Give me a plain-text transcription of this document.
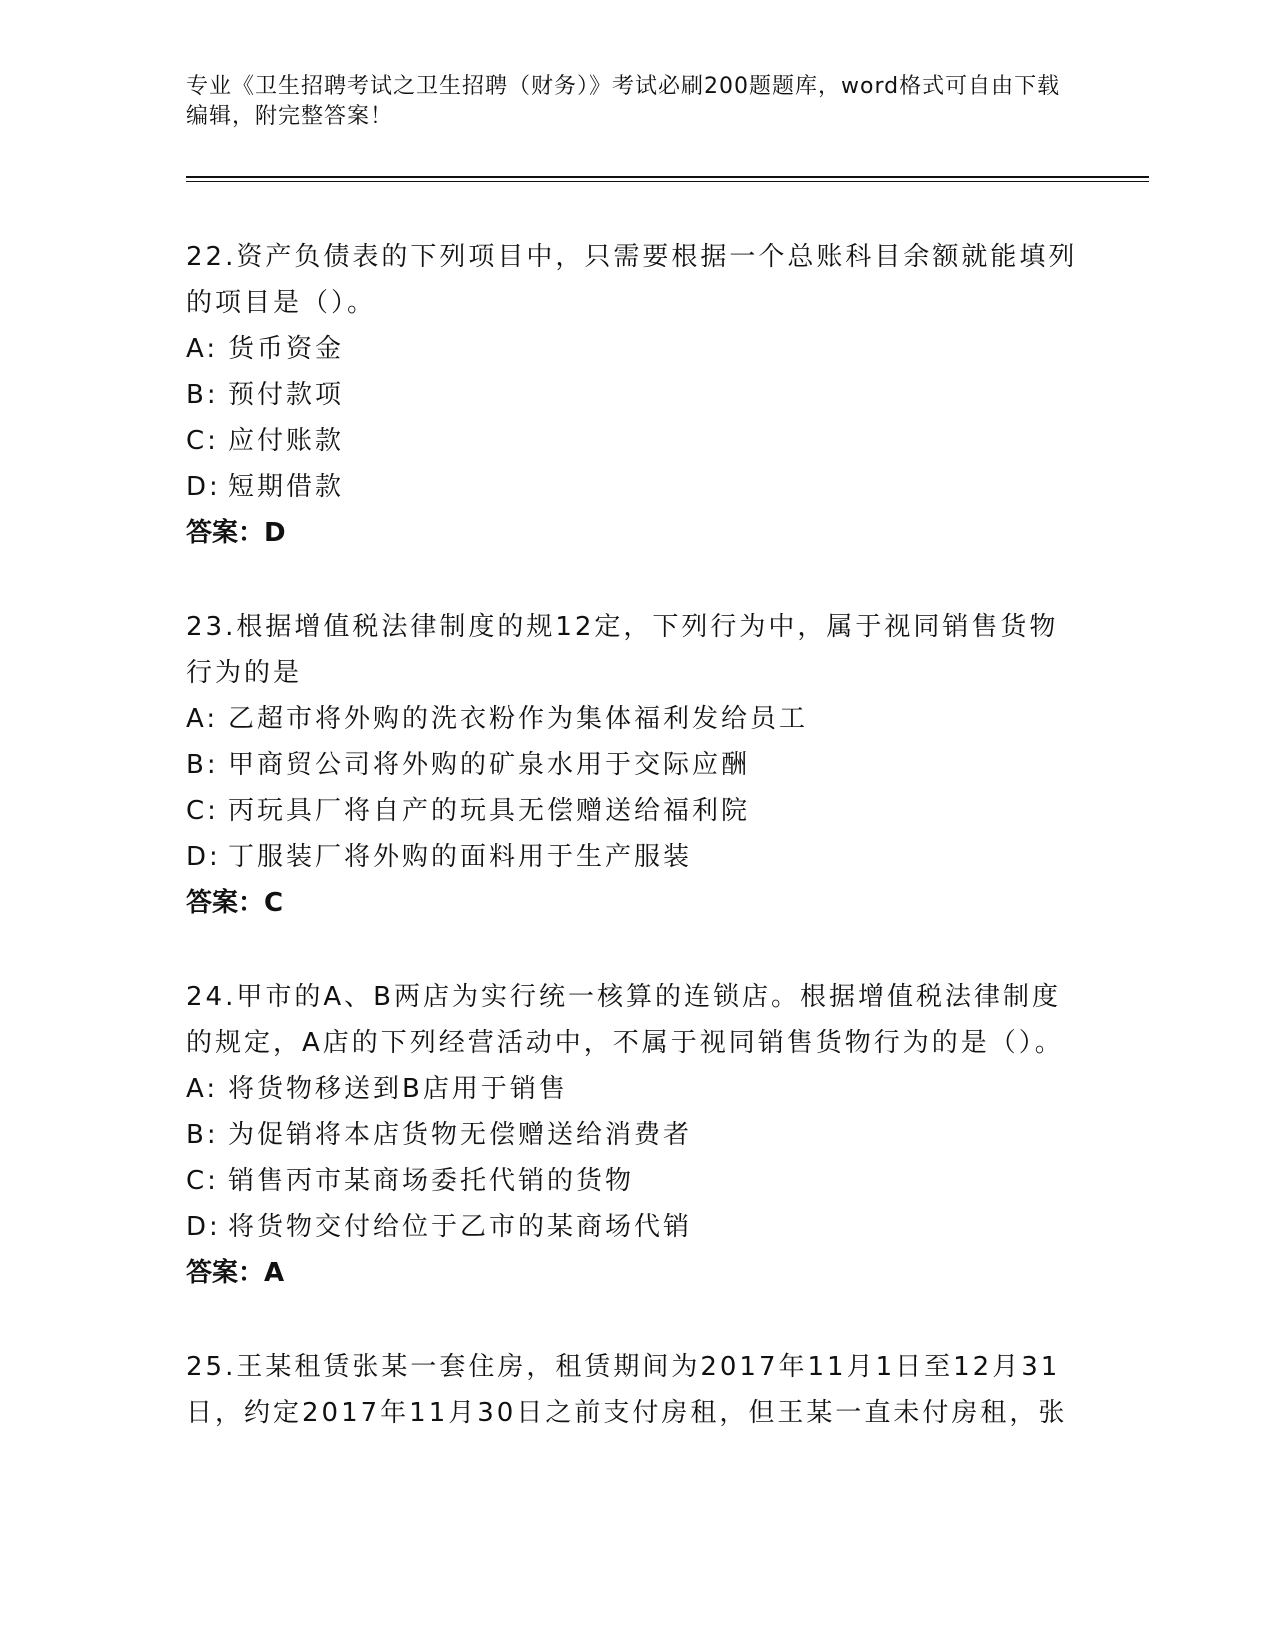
专业《卫生招聘考试之卫生招聘（财务）》考试必刷200题题库，word格式可自由下载编辑，附完整答案！
22.资产负债表的下列项目中，只需要根据一个总账科目余额就能填列的项目是（）。
A: 货币资金
B: 预付款项
C: 应付账款
D: 短期借款
答案：D
23.根据增值税法律制度的规12定，下列行为中，属于视同销售货物行为的是
A: 乙超市将外购的洗衣粉作为集体福利发给员工
B: 甲商贸公司将外购的矿泉水用于交际应酬
C: 丙玩具厂将自产的玩具无偿赠送给福利院
D: 丁服装厂将外购的面料用于生产服装
答案：C
24.甲市的A、B两店为实行统一核算的连锁店。根据增值税法律制度的规定，A店的下列经营活动中，不属于视同销售货物行为的是（）。
A: 将货物移送到B店用于销售
B: 为促销将本店货物无偿赠送给消费者
C: 销售丙市某商场委托代销的货物
D: 将货物交付给位于乙市的某商场代销
答案：A
25.王某租赁张某一套住房，租赁期间为2017年11月1日至12月31日，约定2017年11月30日之前支付房租，但王某一直未付房租，张
